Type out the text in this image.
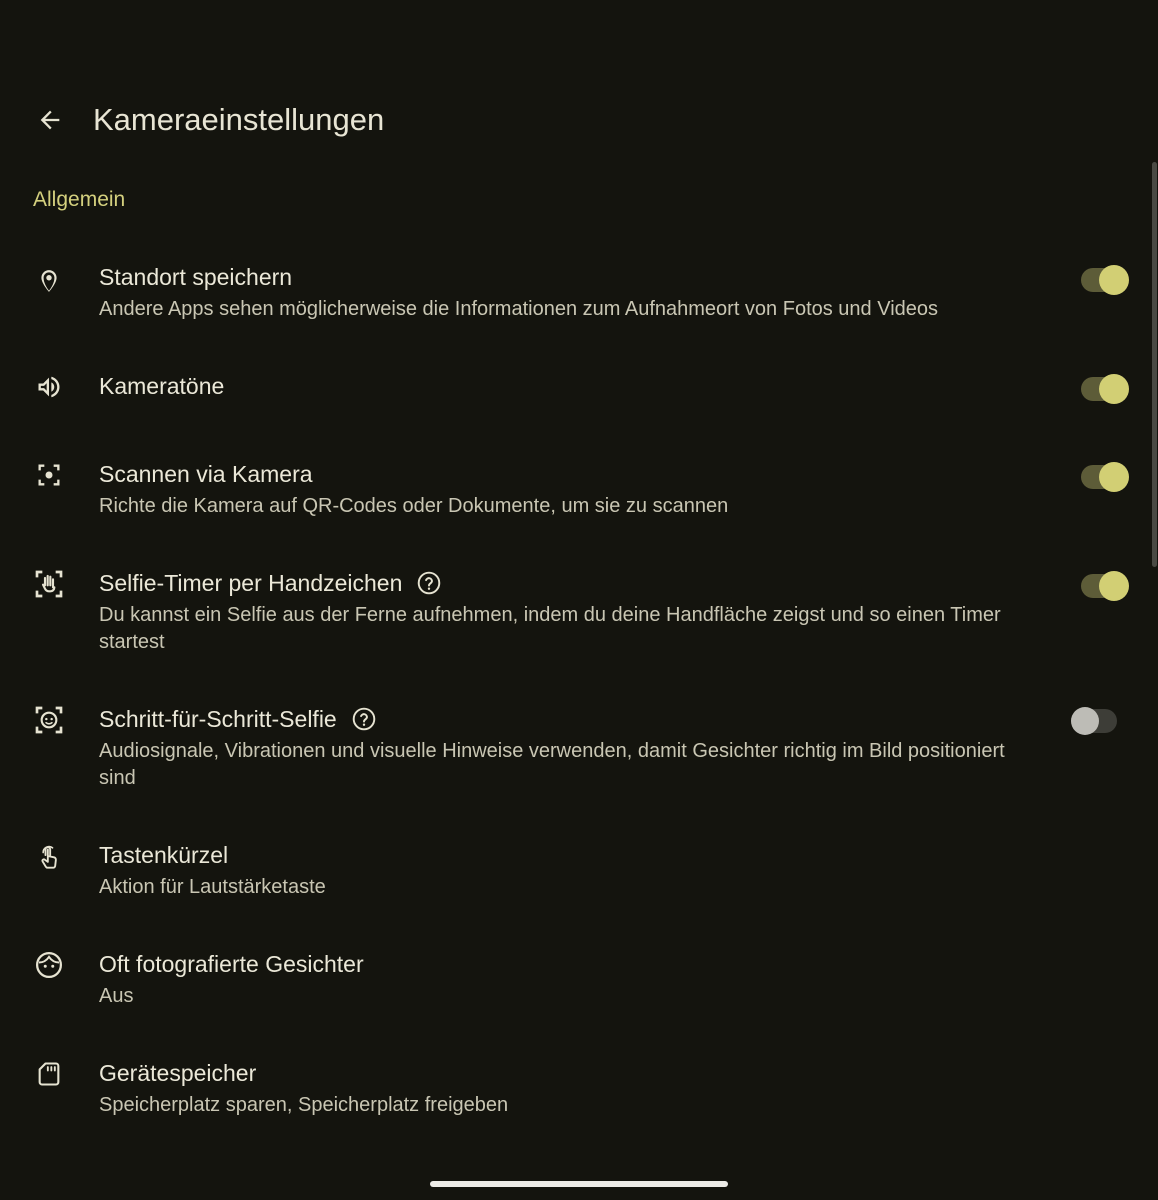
Kameraeinstellungen
Allgemein
Standort speichern
Andere Apps sehen möglicherweise die Informationen zum Aufnahmeort von Fotos und Videos
Kameratöne
Scannen via Kamera
Richte die Kamera auf QR-Codes oder Dokumente, um sie zu scannen
Selfie-Timer per Handzeichen
Du kannst ein Selfie aus der Ferne aufnehmen, indem du deine Handfläche zeigst und so einen Timer startest
Schritt-für-Schritt-Selfie
Audiosignale, Vibrationen und visuelle Hinweise verwenden, damit Gesichter richtig im Bild positioniert sind
Tastenkürzel
Aktion für Lautstärketaste
Oft fotografierte Gesichter
Aus
Gerätespeicher
Speicherplatz sparen, Speicherplatz freigeben
